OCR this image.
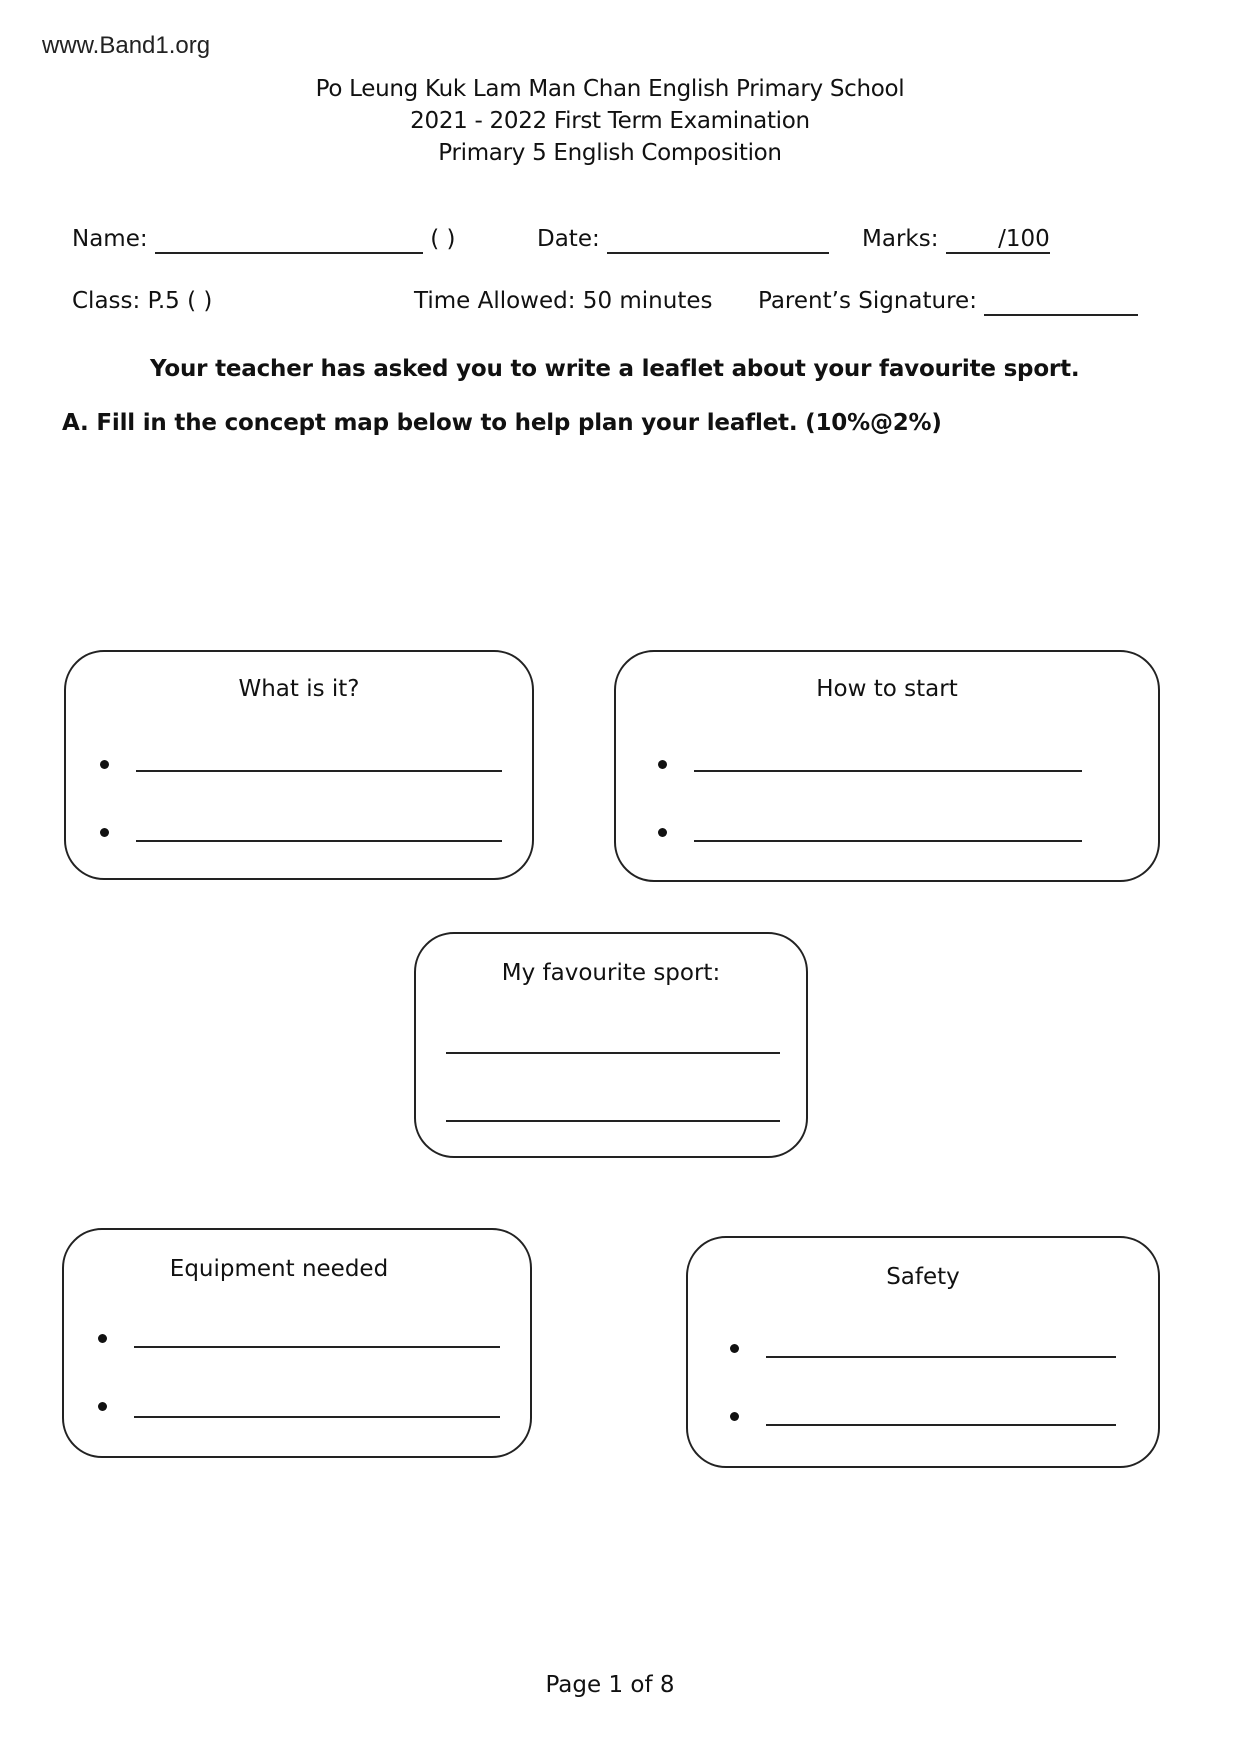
www.Band1.org
Po Leung Kuk Lam Man Chan English Primary School
2021 - 2022 First Term Examination
Primary 5 English Composition
Name:	( )	Date:	Marks:	/100
Class: P.5 ( )	Time Allowed: 50 minutes Parent’s Signature:
Your teacher has asked you to write a leaflet about your favourite sport.
A. Fill in the concept map below to help plan your leaflet. (10%@2%)
What is it?	How to start
My favourite sport:
Equipment needed	Safety
Page 1 of 8
